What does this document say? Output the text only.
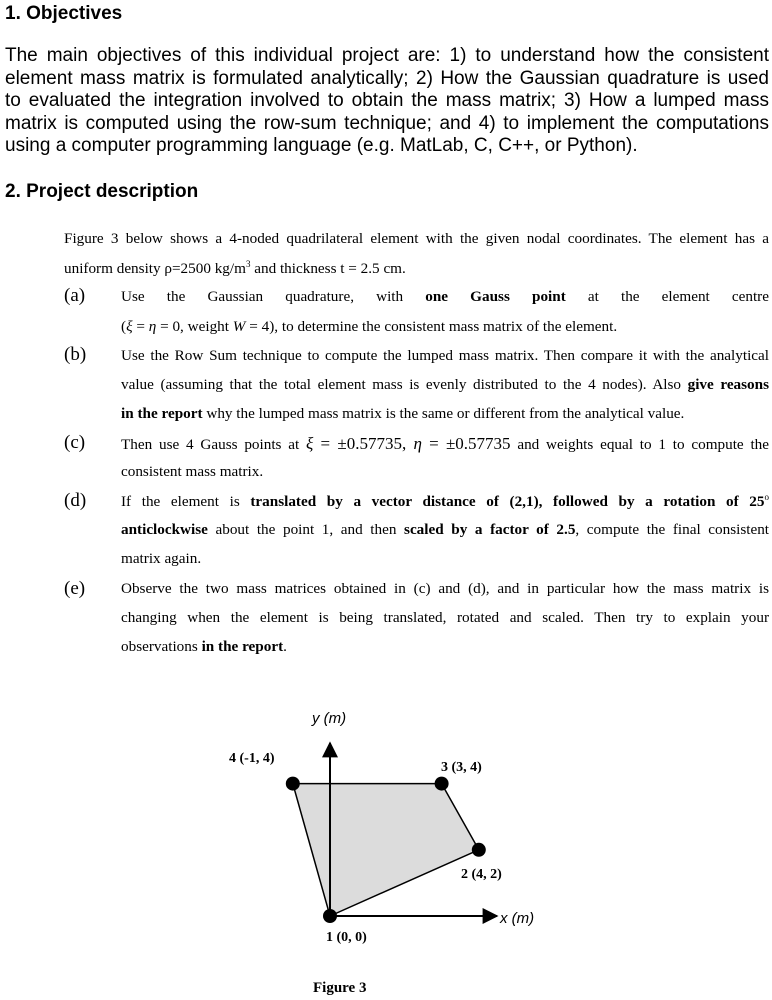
1. Objectives
The main objectives of this individual project are: 1) to understand how the consistent
element mass matrix is formulated analytically; 2) How the Gaussian quadrature is used
to evaluated the integration involved to obtain the mass matrix; 3) How a lumped mass
matrix is computed using the row-sum technique; and 4) to implement the computations
using a computer programming language (e.g. MatLab, C, C++, or Python).
2. Project description
Figure 3 below shows a 4-noded quadrilateral element with the given nodal coordinates. The element has a
uniform density ρ=2500 $kg/m^3$ and thickness t = 2.5 cm.
(a) Use the Gaussian quadrature, with one Gauss point at the element centre
(ξ = η = 0, weight W = 4), to determine the consistent mass matrix of the element.
(b) Use the Row Sum technique to compute the lumped mass matrix. Then compare it with the analytical
value (assuming that the total element mass is evenly distributed to the 4 nodes). Also give reasons
in the report why the lumped mass matrix is the same or different from the analytical value.
(c) Then use 4 Gauss points at ξ = ±0.57735, η = ±0.57735 and weights equal to 1 to compute the
consistent mass matrix.
(d) If the element is translated by a vector distance of (2,1), followed by a rotation of 25$^o$
anticlockwise about the point 1, and then scaled by a factor of 2.5, compute the final consistent
matrix again.
(e) Observe the two mass matrices obtained in (c) and (d), and in particular how the mass matrix is
changing when the element is being translated, rotated and scaled. Then try to explain your
observations in the report.
y (m)
x (m)
4 (-1, 4)
3 (3, 4)
2 (4, 2)
1 (0, 0)
Figure 3
